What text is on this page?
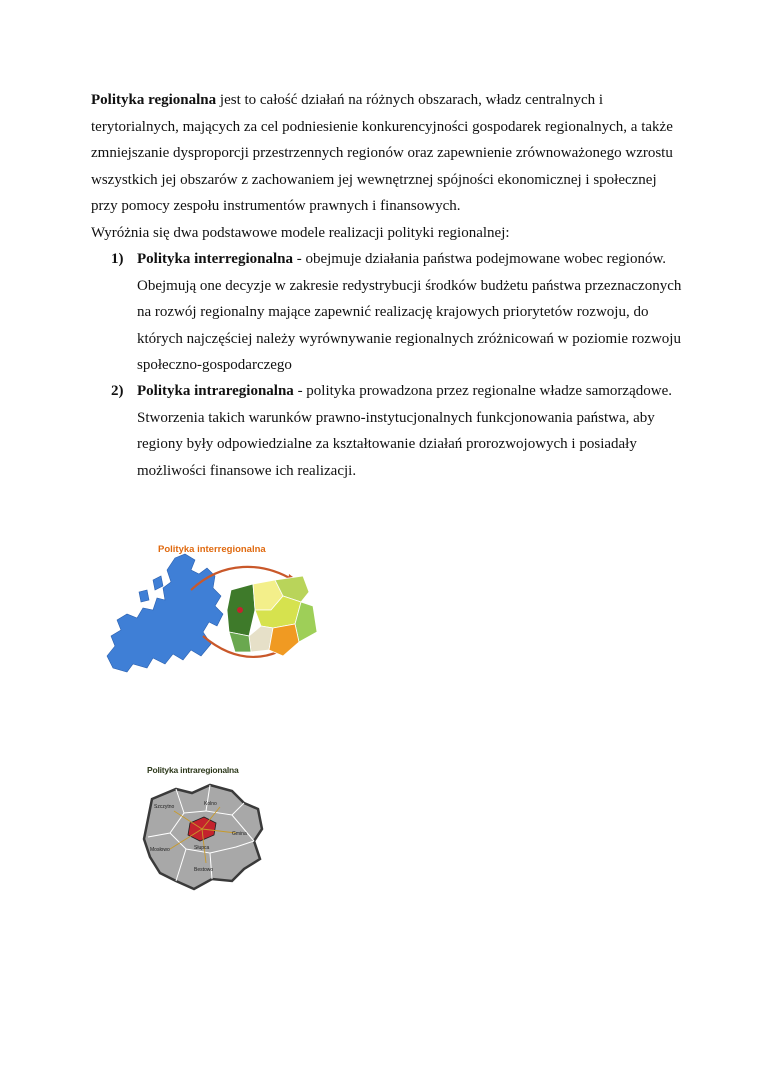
Polityka regionalna jest to całość działań na różnych obszarach, władz centralnych i terytorialnych, mających za cel podniesienie konkurencyjności gospodarek regionalnych, a także zmniejszanie dysproporcji przestrzennych regionów oraz zapewnienie zrównoważonego wzrostu wszystkich jej obszarów z zachowaniem jej wewnętrznej spójności ekonomicznej i społecznej przy pomocy zespołu instrumentów prawnych i finansowych.

Wyróżnia się dwa podstawowe modele realizacji polityki regionalnej:

1) Polityka interregionalna - obejmuje działania państwa podejmowane wobec regionów. Obejmują one decyzje w zakresie redystrybucji środków budżetu państwa przeznaczonych na rozwój regionalny mające zapewnić realizację krajowych priorytetów rozwoju, do których najczęściej należy wyrównywanie regionalnych zróżnicowań w poziomie rozwoju społeczno-gospodarczego

2) Polityka intraregionalna - polityka prowadzona przez regionalne władze samorządowe. Stworzenia takich warunków prawno-instytucjonalnych funkcjonowania państwa, aby regiony były odpowiedzialne za kształtowanie działań prorozwojowych i posiadały możliwości finansowe ich realizacji.

Polityka interregionalna
Szczytno	Kolno
Słupca
Gmina
Mosłowo
Bestowo
Polityka intraregionalna
